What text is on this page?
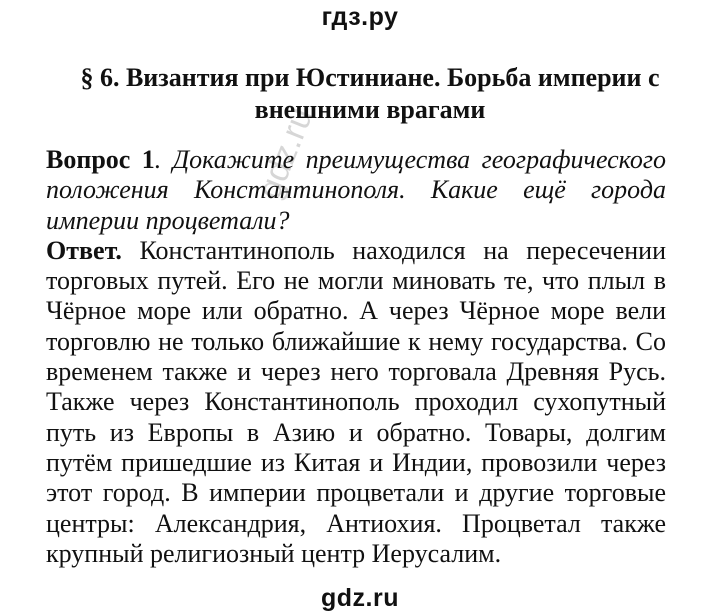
гдз.ру
§ 6. Византия при Юстиниане. Борьба империи с внешними врагами

Вопрос 1. Докажите преимущества географического положения Константинополя. Какие ещё города империи процветали?

Ответ. Константинополь находился на пересечении торговых путей. Его не могли миновать те, что плыл в Чёрное море или обратно. А через Чёрное море вели торговлю не только ближайшие к нему государства. Со временем также и через него торговала Древняя Русь. Также через Константинополь проходил сухопутный путь из Европы в Азию и обратно. Товары, долгим путём пришедшие из Китая и Индии, провозили через этот город. В империи процветали и другие торговые центры: Александрия, Антиохия. Процветал также крупный религиозный центр Иерусалим.

gdz.ru
gdz.ru
